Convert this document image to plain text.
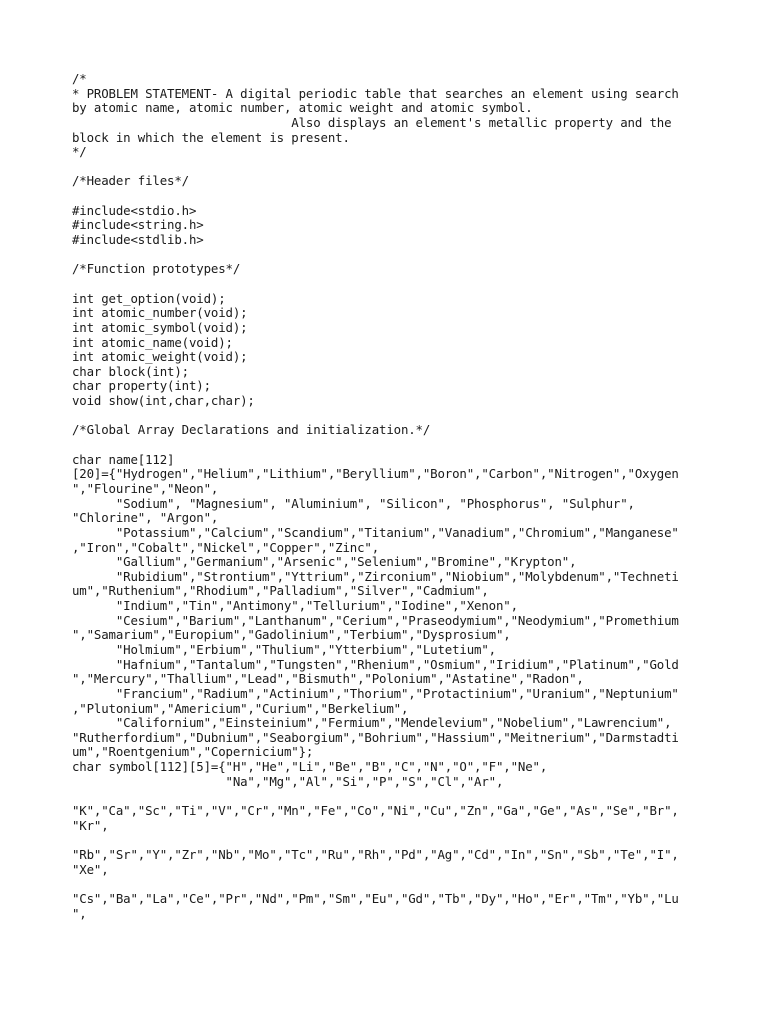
/*
* PROBLEM STATEMENT- A digital periodic table that searches an element using search
by atomic name, atomic number, atomic weight and atomic symbol.
Also displays an element's metallic property and the
block in which the element is present.
*/
/*Header files*/
#include<stdio.h>
#include<string.h>
#include<stdlib.h>
/*Function prototypes*/
int get_option(void);
int atomic_number(void);
int atomic_symbol(void);
int atomic_name(void);
int atomic_weight(void);
char block(int);
char property(int);
void show(int,char,char);
/*Global Array Declarations and initialization.*/
char name[112]
[20]={"Hydrogen","Helium","Lithium","Beryllium","Boron","Carbon","Nitrogen","Oxygen
","Flourine","Neon",
"Sodium", "Magnesium", "Aluminium", "Silicon", "Phosphorus", "Sulphur",
"Chlorine", "Argon",
"Potassium","Calcium","Scandium","Titanium","Vanadium","Chromium","Manganese"
,"Iron","Cobalt","Nickel","Copper","Zinc",
"Gallium","Germanium","Arsenic","Selenium","Bromine","Krypton",
"Rubidium","Strontium","Yttrium","Zirconium","Niobium","Molybdenum","Techneti
um","Ruthenium","Rhodium","Palladium","Silver","Cadmium",
"Indium","Tin","Antimony","Tellurium","Iodine","Xenon",
"Cesium","Barium","Lanthanum","Cerium","Praseodymium","Neodymium","Promethium
","Samarium","Europium","Gadolinium","Terbium","Dysprosium",
"Holmium","Erbium","Thulium","Ytterbium","Lutetium",
"Hafnium","Tantalum","Tungsten","Rhenium","Osmium","Iridium","Platinum","Gold
","Mercury","Thallium","Lead","Bismuth","Polonium","Astatine","Radon",
"Francium","Radium","Actinium","Thorium","Protactinium","Uranium","Neptunium"
,"Plutonium","Americium","Curium","Berkelium",
"Californium","Einsteinium","Fermium","Mendelevium","Nobelium","Lawrencium",
"Rutherfordium","Dubnium","Seaborgium","Bohrium","Hassium","Meitnerium","Darmstadti
um","Roentgenium","Copernicium"};
char symbol[112][5]={"H","He","Li","Be","B","C","N","O","F","Ne",
"Na","Mg","Al","Si","P","S","Cl","Ar",
"K","Ca","Sc","Ti","V","Cr","Mn","Fe","Co","Ni","Cu","Zn","Ga","Ge","As","Se","Br",
"Kr",
"Rb","Sr","Y","Zr","Nb","Mo","Tc","Ru","Rh","Pd","Ag","Cd","In","Sn","Sb","Te","I",
"Xe",
"Cs","Ba","La","Ce","Pr","Nd","Pm","Sm","Eu","Gd","Tb","Dy","Ho","Er","Tm","Yb","Lu
",
